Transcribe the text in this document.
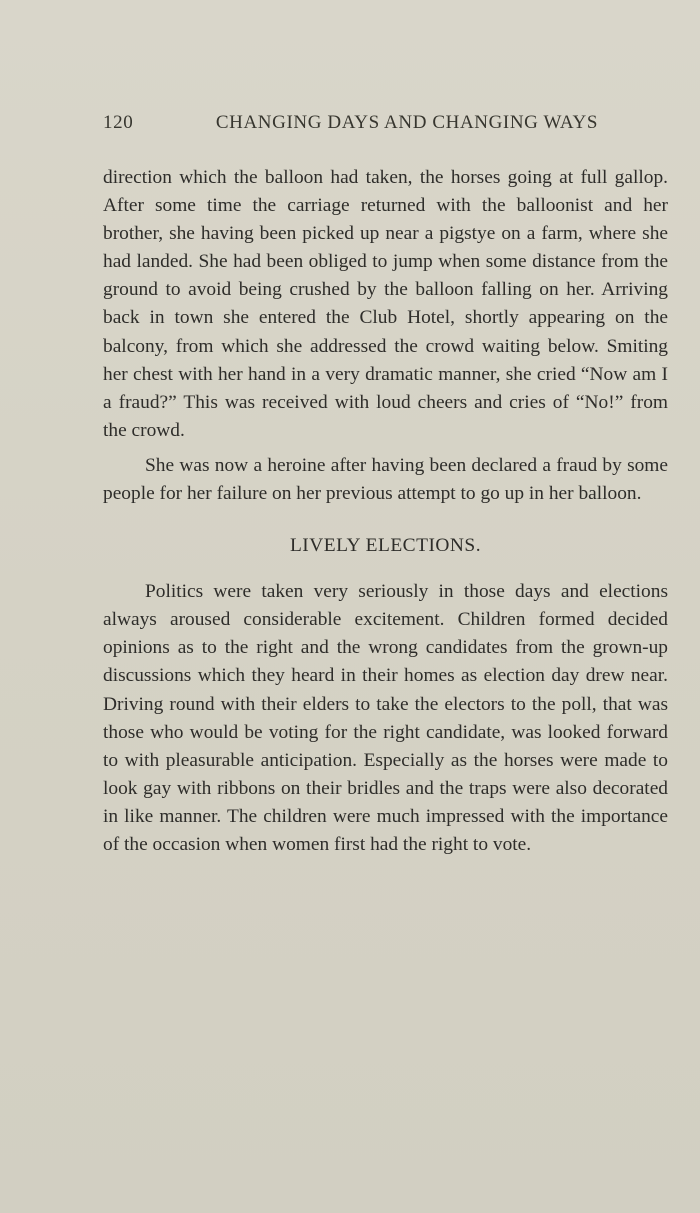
120	CHANGING DAYS AND CHANGING WAYS

direction which the balloon had taken, the horses going at full gallop. After some time the carriage returned with the balloonist and her brother, she having been picked up near a pigstye on a farm, where she had landed. She had been obliged to jump when some distance from the ground to avoid being crushed by the balloon falling on her. Arriving back in town she entered the Club Hotel, shortly appearing on the balcony, from which she addressed the crowd waiting below. Smiting her chest with her hand in a very dramatic manner, she cried “Now am I a fraud?” This was received with loud cheers and cries of “No!” from the crowd.

She was now a heroine after having been declared a fraud by some people for her failure on her previous attempt to go up in her balloon.

LIVELY ELECTIONS.

Politics were taken very seriously in those days and elections always aroused considerable excitement. Children formed decided opinions as to the right and the wrong candidates from the grown-up discussions which they heard in their homes as election day drew near. Driving round with their elders to take the electors to the poll, that was those who would be voting for the right candidate, was looked forward to with pleasurable anticipation. Especially as the horses were made to look gay with ribbons on their bridles and the traps were also decorated in like manner. The children were much impressed with the importance of the occasion when women first had the right to vote.
